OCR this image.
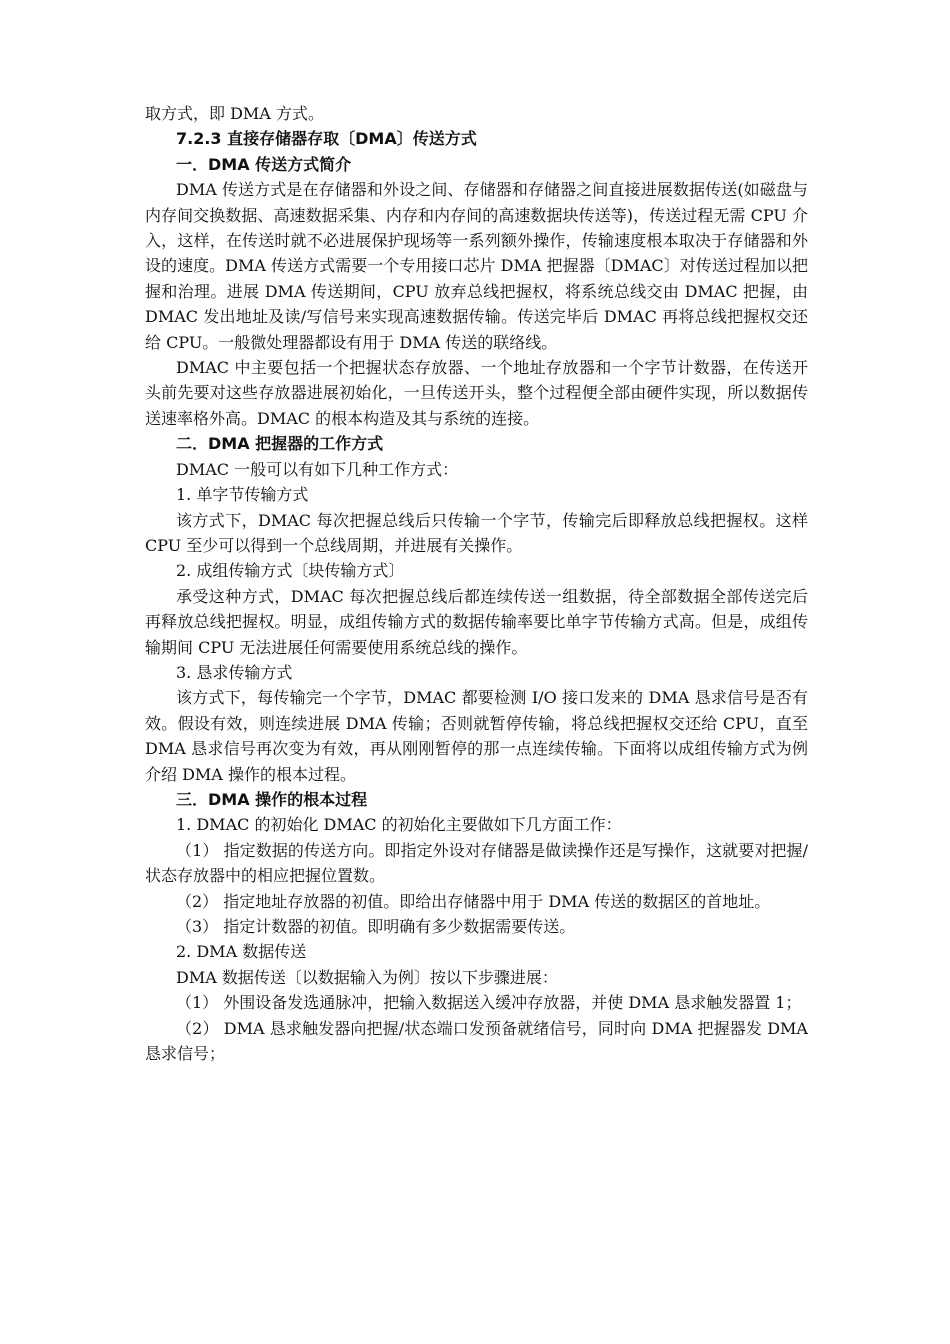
取方式，即 DMA 方式。

7.2.3 直接存储器存取〔DMA〕传送方式

一．DMA 传送方式简介

DMA 传送方式是在存储器和外设之间、存储器和存储器之间直接进展数据传送(如磁盘与内存间交换数据、高速数据采集、内存和内存间的高速数据块传送等)，传送过程无需 CPU 介入，这样，在传送时就不必进展保护现场等一系列额外操作，传输速度根本取决于存储器和外设的速度。DMA 传送方式需要一个专用接口芯片 DMA 把握器〔DMAC〕对传送过程加以把握和治理。进展 DMA 传送期间，CPU 放弃总线把握权，将系统总线交由 DMAC 把握，由 DMAC 发出地址及读/写信号来实现高速数据传输。传送完毕后 DMAC 再将总线把握权交还给 CPU。一般微处理器都设有用于 DMA 传送的联络线。

DMAC 中主要包括一个把握状态存放器、一个地址存放器和一个字节计数器，在传送开头前先要对这些存放器进展初始化，一旦传送开头，整个过程便全部由硬件实现，所以数据传送速率格外高。DMAC 的根本构造及其与系统的连接。

二．DMA 把握器的工作方式

DMAC 一般可以有如下几种工作方式：

1. 单字节传输方式

该方式下，DMAC 每次把握总线后只传输一个字节，传输完后即释放总线把握权。这样 CPU 至少可以得到一个总线周期，并进展有关操作。

2. 成组传输方式〔块传输方式〕

承受这种方式，DMAC 每次把握总线后都连续传送一组数据，待全部数据全部传送完后再释放总线把握权。明显，成组传输方式的数据传输率要比单字节传输方式高。但是，成组传输期间 CPU 无法进展任何需要使用系统总线的操作。

3. 恳求传输方式

该方式下，每传输完一个字节，DMAC 都要检测 I/O 接口发来的 DMA 恳求信号是否有效。假设有效，则连续进展 DMA 传输；否则就暂停传输，将总线把握权交还给 CPU，直至 DMA 恳求信号再次变为有效，再从刚刚暂停的那一点连续传输。下面将以成组传输方式为例介绍 DMA 操作的根本过程。

三．DMA 操作的根本过程

1. DMAC 的初始化 DMAC 的初始化主要做如下几方面工作：

（1） 指定数据的传送方向。即指定外设对存储器是做读操作还是写操作，这就要对把握/状态存放器中的相应把握位置数。

（2） 指定地址存放器的初值。即给出存储器中用于 DMA 传送的数据区的首地址。

（3） 指定计数器的初值。即明确有多少数据需要传送。

2. DMA 数据传送

DMA 数据传送〔以数据输入为例〕按以下步骤进展：

（1） 外围设备发选通脉冲，把输入数据送入缓冲存放器，并使 DMA 恳求触发器置 1；

（2） DMA 恳求触发器向把握/状态端口发预备就绪信号，同时向 DMA 把握器发 DMA 恳求信号；
